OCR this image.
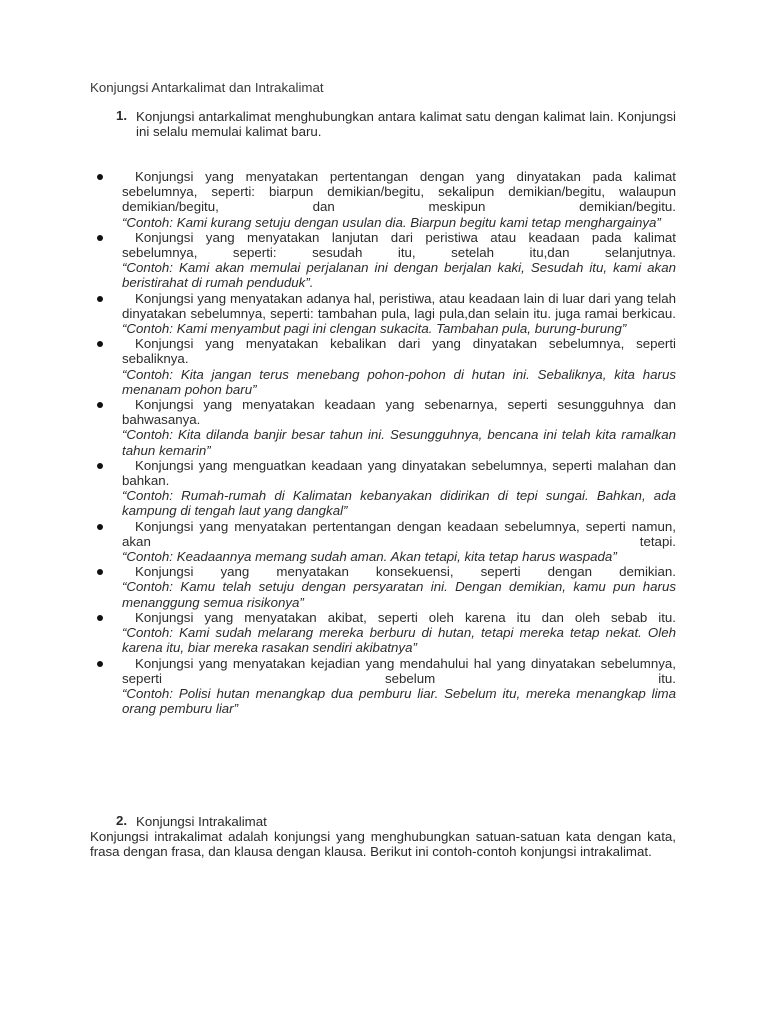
Konjungsi Antarkalimat dan Intrakalimat
1. Konjungsi antarkalimat menghubungkan antara kalimat satu dengan kalimat lain. Konjungsi ini selalu memulai kalimat baru.
Konjungsi yang menyatakan pertentangan dengan yang dinyatakan pada kalimat sebelumnya, seperti: biarpun demikian/begitu, sekalipun demikian/begitu, walaupun demikian/begitu, dan meskipun demikian/begitu.
“Contoh: Kami kurang setuju dengan usulan dia. Biarpun begitu kami tetap menghargainya”
Konjungsi yang menyatakan lanjutan dari peristiwa atau keadaan pada kalimat sebelumnya, seperti: sesudah itu, setelah itu,dan selanjutnya.
“Contoh: Kami akan memulai perjalanan ini dengan berjalan kaki, Sesudah itu, kami akan beristirahat di rumah penduduk”.
Konjungsi yang menyatakan adanya hal, peristiwa, atau keadaan lain di luar dari yang telah dinyatakan sebelumnya, seperti: tambahan pula, lagi pula,dan selain itu. juga ramai berkicau.
“Contoh: Kami menyambut pagi ini clengan sukacita. Tambahan pula, burung-burung”
Konjungsi yang menyatakan kebalikan dari yang dinyatakan sebelumnya, seperti sebaliknya.
“Contoh: Kita jangan terus menebang pohon-pohon di hutan ini. Sebaliknya, kita harus menanam pohon baru”
Konjungsi yang menyatakan keadaan yang sebenarnya, seperti sesungguhnya dan bahwasanya.
“Contoh: Kita dilanda banjir besar tahun ini. Sesungguhnya, bencana ini telah kita ramalkan tahun kemarin”
Konjungsi yang menguatkan keadaan yang dinyatakan sebelumnya, seperti malahan dan bahkan.
“Contoh: Rumah-rumah di Kalimatan kebanyakan didirikan di tepi sungai. Bahkan, ada kampung di tengah laut yang dangkal”
Konjungsi yang menyatakan pertentangan dengan keadaan sebelumnya, seperti namun, akan tetapi.
“Contoh: Keadaannya memang sudah aman. Akan tetapi, kita tetap harus waspada”
Konjungsi yang menyatakan konsekuensi, seperti dengan demikian.
“Contoh: Kamu telah setuju dengan persyaratan ini. Dengan demikian, kamu pun harus menanggung semua risikonya”
Konjungsi yang menyatakan akibat, seperti oleh karena itu dan oleh sebab itu.
“Contoh: Kami sudah melarang mereka berburu di hutan, tetapi mereka tetap nekat. Oleh karena itu, biar mereka rasakan sendiri akibatnya”
Konjungsi yang menyatakan kejadian yang mendahului hal yang dinyatakan sebelumnya, seperti sebelum itu.
“Contoh: Polisi hutan menangkap dua pemburu liar. Sebelum itu, mereka menangkap lima orang pemburu liar”
2. Konjungsi Intrakalimat
Konjungsi intrakalimat adalah konjungsi yang menghubungkan satuan-satuan kata dengan kata, frasa dengan frasa, dan klausa dengan klausa. Berikut ini contoh-contoh konjungsi intrakalimat.
